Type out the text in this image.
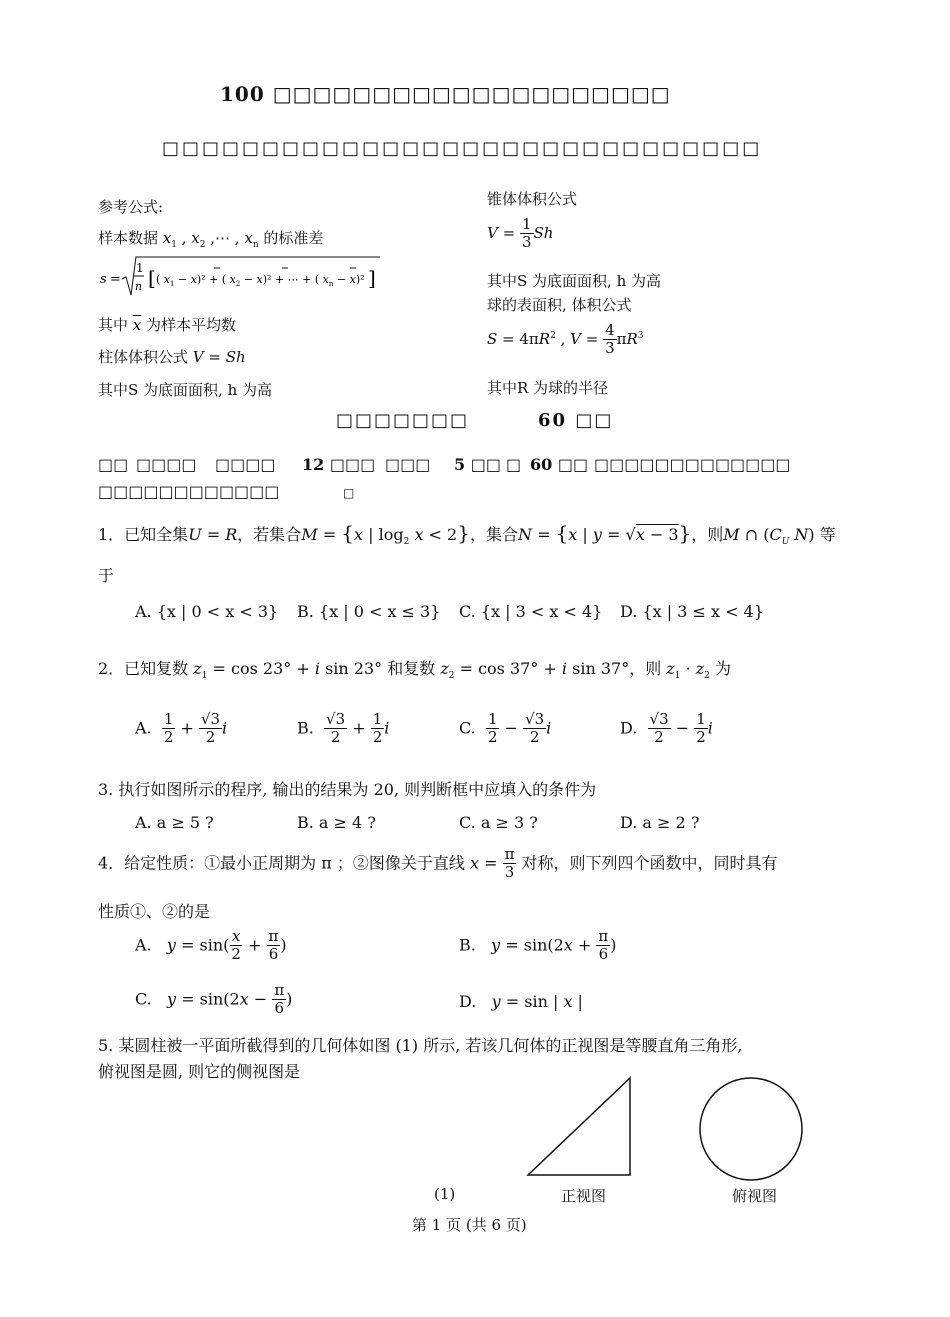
100 □□□□□□□□□□□□□□□□□□□□
□□□□□□□□□□□□□□□□□□□□□□□□□□□□□□
参考公式:
样本数据 $x_1$ , $x_2$ ,⋯ , $x_n$ 的标准差
s =
1
n [ ( $x_1 - x)^2$ + ( $x_2 - x)^2$ + ⋯ + ( $x_n - x)^2$ ]
其中 $\overline{x}$ 为样本平均数
柱体体积公式 V = Sh
其中S 为底面面积, h 为高
锥体体积公式
$V = \frac{1}{3}$ Sh
其中S 为底面面积, h 为高
球的表面积, 体积公式
$S = 4\pi R^2$ , $V = \frac{4}{3} \pi R^3$
其中R 为球的半径
□□□□□□□	60 □□
□□ □□□□ □□□□ 12 □□□ □□□ 5 □□ □ 60 □□ □□□□□□□□□□□□□
□□□□□□□□□□□□	□
1．已知全集U = R，若集合M = {x | $\log_2 x < 2$}，集合N = {x | y = √x − 3}，则M ∩ ($C_U$ N) 等
于
A. {x | 0 < x < 3} B. {x | 0 < x ≤ 3} C. {x | 3 < x < 4} D. {x | 3 ≤ x < 4}
2．已知复数 $z_1 = \cos 23^\circ + i$ sin 23° 和复数 $z_2 = \cos 37^\circ + i$ sin 37°，则 $z_1 \cdot z_2$ 为
A. $\frac{1}{2} + \frac{√3}{2}$ i	B. $\frac{√3}{2} + \frac{1}{2}$ i	C. $\frac{1}{2} - \frac{√3}{2}$ i	D. $\frac{√3}{2} - \frac{1}{2}$ i
3. 执行如图所示的程序, 输出的结果为 20, 则判断框中应填入的条件为
A. a ≥ 5 ?	B. a ≥ 4 ?	C. a ≥ 3 ?	D. a ≥ 2 ?
4．给定性质：①最小正周期为 π ；②图像关于直线 $x = \frac{\pi}{3}$ 对称，则下列四个函数中，同时具有
性质①、②的是
A.   $y = \sin( \frac{x}{2} + \frac{\pi}{6}$ )	B.   $y = \sin(2x + \frac{\pi}{6}$ )
C.   $y = \sin(2x - \frac{\pi}{6}$ )	D.   y = sin | x |
5. 某圆柱被一平面所截得到的几何体如图 (1) 所示, 若该几何体的正视图是等腰直角三角形,
俯视图是圆, 则它的侧视图是
(1)	正视图	俯视图
第 1 页 (共 6 页)
